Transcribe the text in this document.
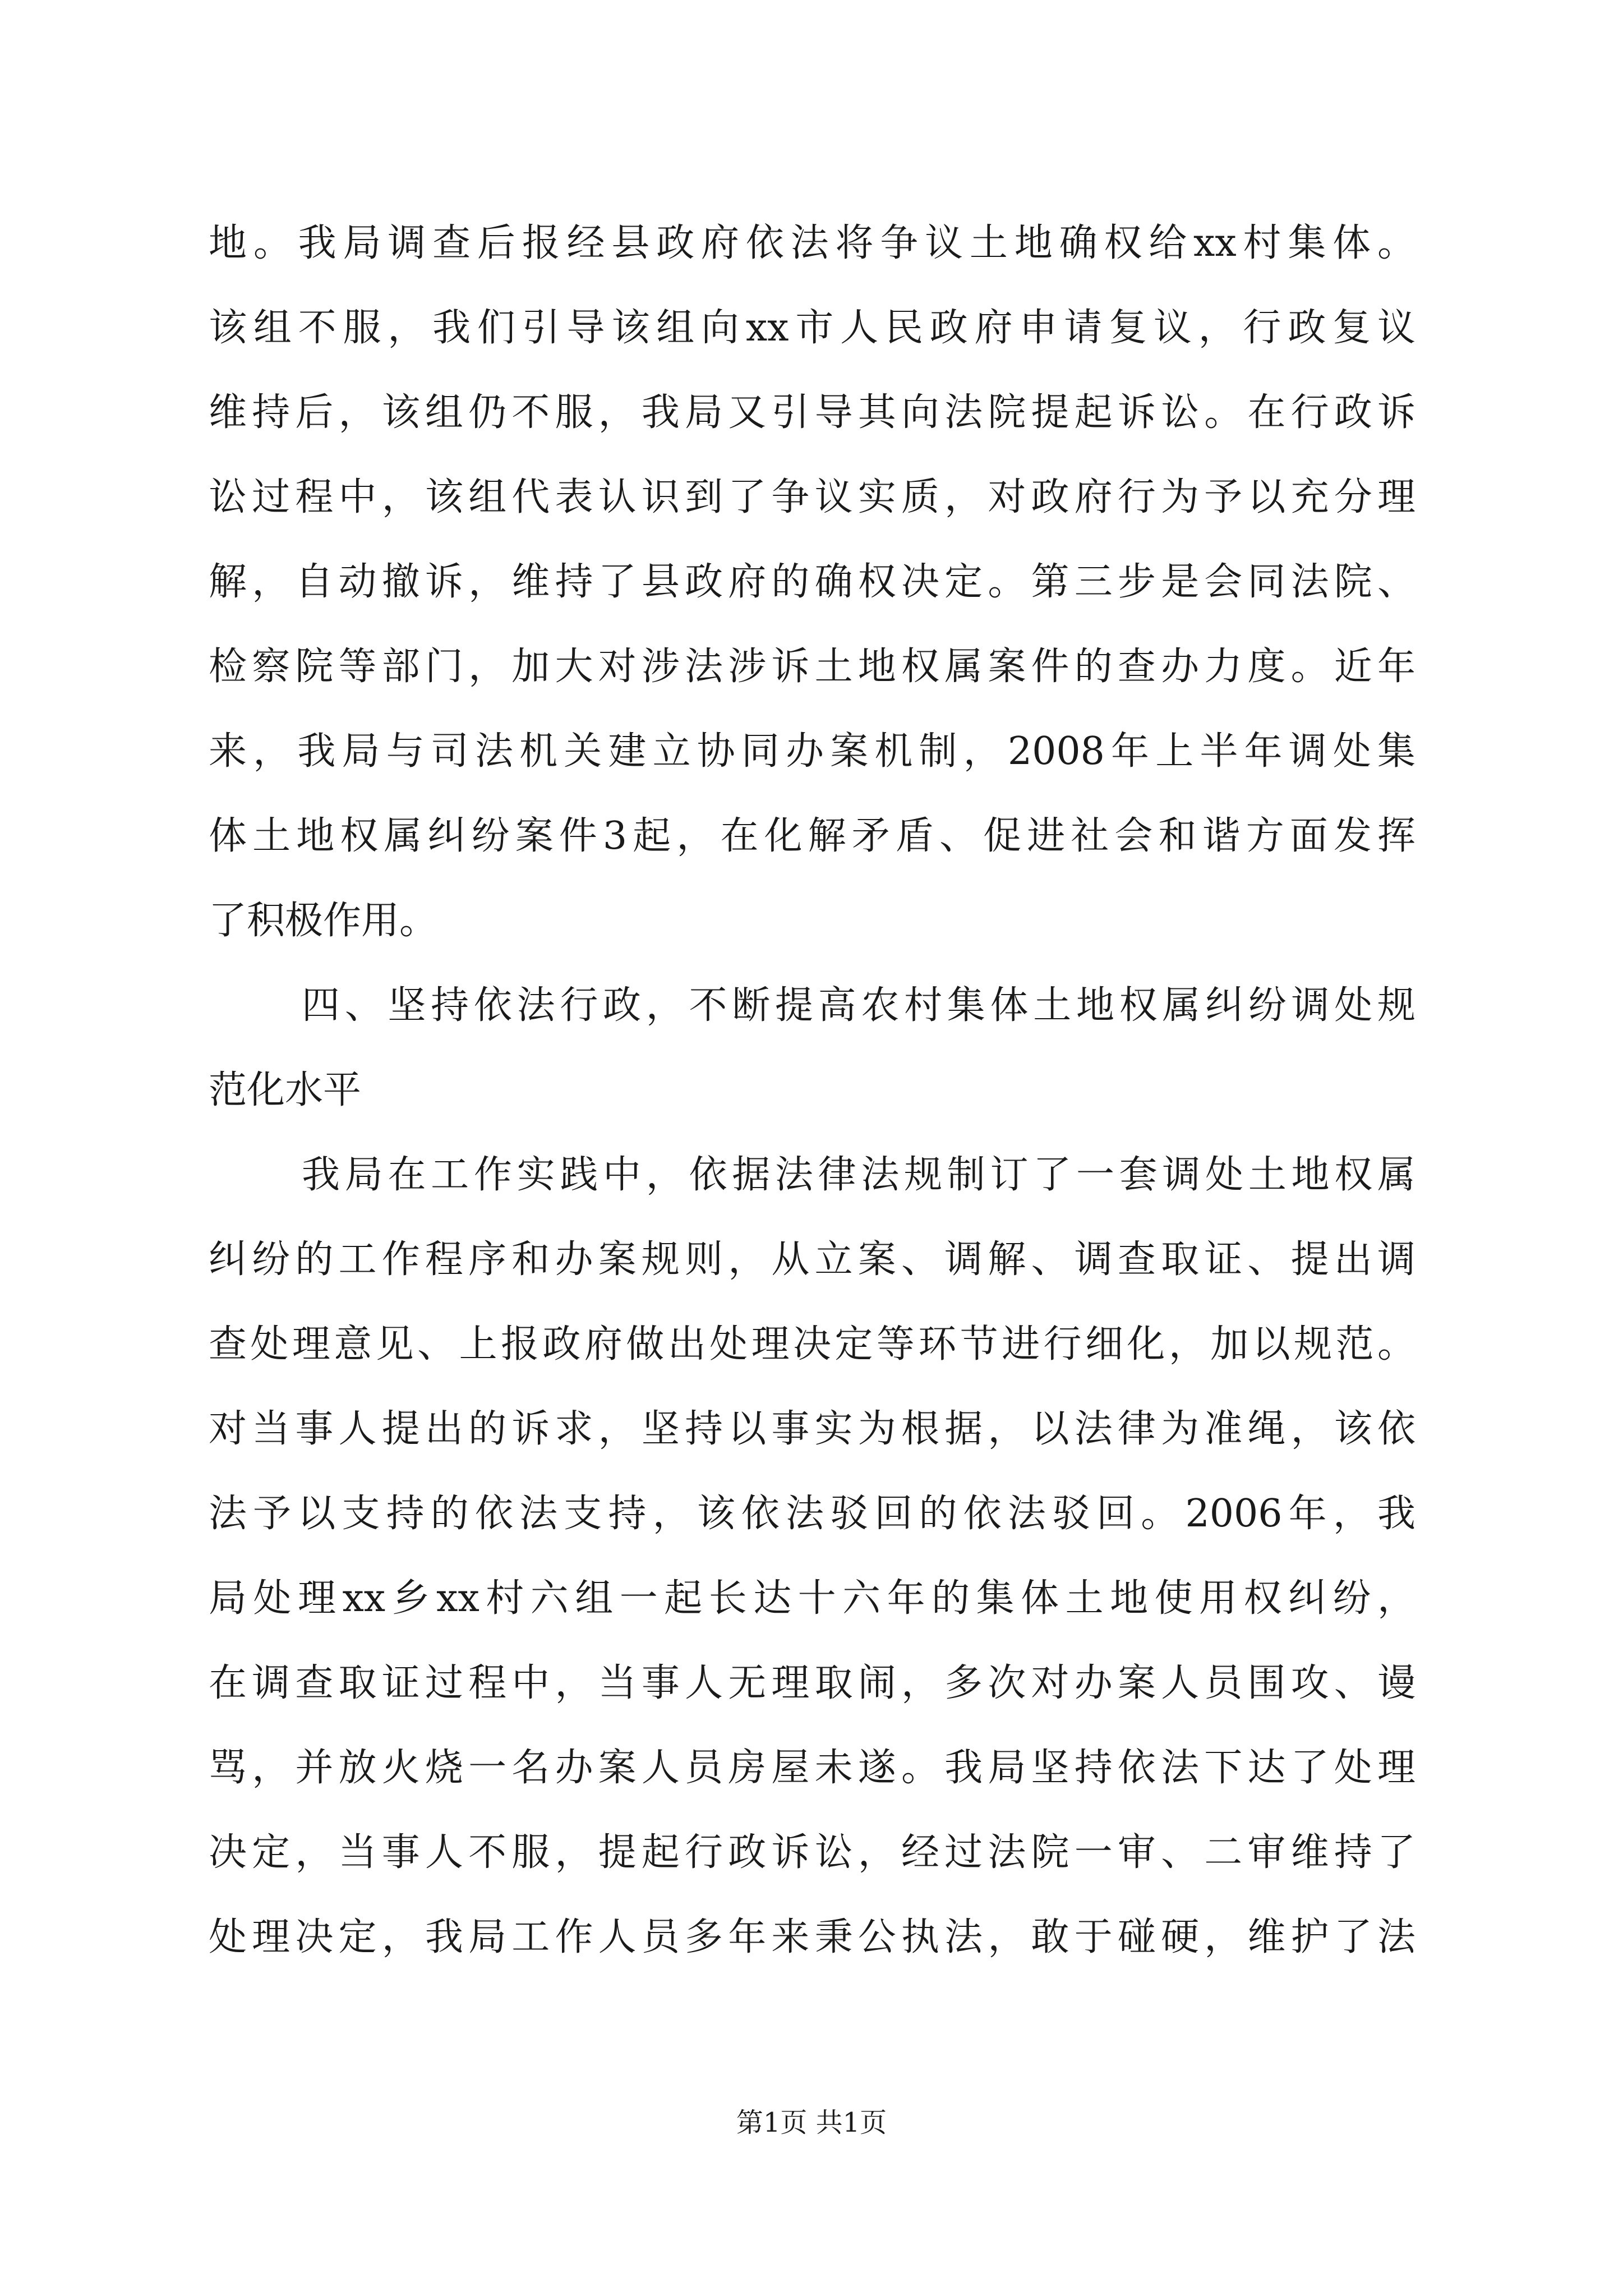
地。我局调查后报经县政府依法将争议土地确权给xx村集体。
该组不服，我们引导该组向xx市人民政府申请复议，行政复议
维持后，该组仍不服，我局又引导其向法院提起诉讼。在行政诉
讼过程中，该组代表认识到了争议实质，对政府行为予以充分理
解，自动撤诉，维持了县政府的确权决定。第三步是会同法院、
检察院等部门，加大对涉法涉诉土地权属案件的查办力度。近年
来，我局与司法机关建立协同办案机制，2008年上半年调处集
体土地权属纠纷案件3起，在化解矛盾、促进社会和谐方面发挥
了积极作用。
四、坚持依法行政，不断提高农村集体土地权属纠纷调处规
范化水平
我局在工作实践中，依据法律法规制订了一套调处土地权属
纠纷的工作程序和办案规则，从立案、调解、调查取证、提出调
查处理意见、上报政府做出处理决定等环节进行细化，加以规范。
对当事人提出的诉求，坚持以事实为根据，以法律为准绳，该依
法予以支持的依法支持，该依法驳回的依法驳回。2006年，我
局处理xx乡xx村六组一起长达十六年的集体土地使用权纠纷，
在调查取证过程中，当事人无理取闹，多次对办案人员围攻、谩
骂，并放火烧一名办案人员房屋未遂。我局坚持依法下达了处理
决定，当事人不服，提起行政诉讼，经过法院一审、二审维持了
处理决定，我局工作人员多年来秉公执法，敢于碰硬，维护了法
第1页 共1页
